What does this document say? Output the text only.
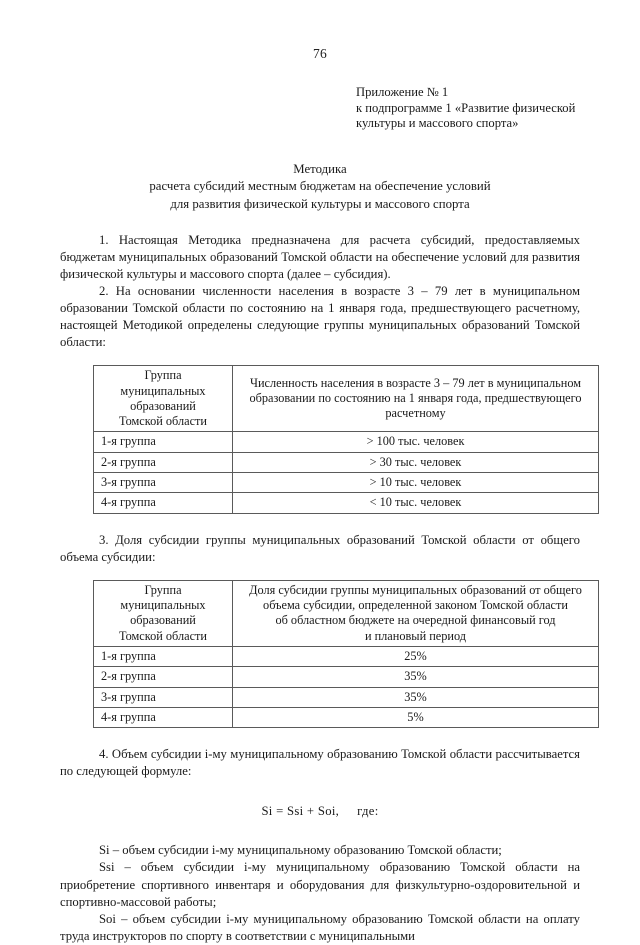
76
Приложение № 1
к подпрограмме 1 «Развитие физической
культуры и массового спорта»
Методика
расчета субсидий местным бюджетам на обеспечение условий
для развития физической культуры и массового спорта

1. Настоящая Методика предназначена для расчета субсидий, предоставляемых бюджетам муниципальных образований Томской области на обеспечение условий для развития физической культуры и массового спорта (далее – субсидия).

2. На основании численности населения в возрасте 3 – 79 лет в муниципальном образовании Томской области по состоянию на 1 января года, предшествующего расчетному, настоящей Методикой определены следующие группы муниципальных образований Томской области:

Группа
муниципальных
образований
Томской области	Численность населения в возрасте 3 – 79 лет в муниципальном
образовании по состоянию на 1 января года, предшествующего
расчетному

1-я группа	> 100 тыс. человек
2-я группа	> 30 тыс. человек
3-я группа	> 10 тыс. человек
4-я группа	< 10 тыс. человек

3. Доля субсидии группы муниципальных образований Томской области от общего объема субсидии:

Группа
муниципальных
образований
Томской области	Доля субсидии группы муниципальных образований от общего
объема субсидии, определенной законом Томской области
об областном бюджете на очередной финансовый год
и плановый период

1-я группа	25%
2-я группа	35%
3-я группа	35%
4-я группа	5%

4. Объем субсидии i-му муниципальному образованию Томской области рассчитывается по следующей формуле:

Si = Ssi + Soi, где:

Si – объем субсидии i-му муниципальному образованию Томской области;

Ssi – объем субсидии i-му муниципальному образованию Томской области на приобретение спортивного инвентаря и оборудования для физкультурно-оздоровительной и спортивно-массовой работы;

Soi – объем субсидии i-му муниципальному образованию Томской области на оплату труда инструкторов по спорту в соответствии с муниципальными
